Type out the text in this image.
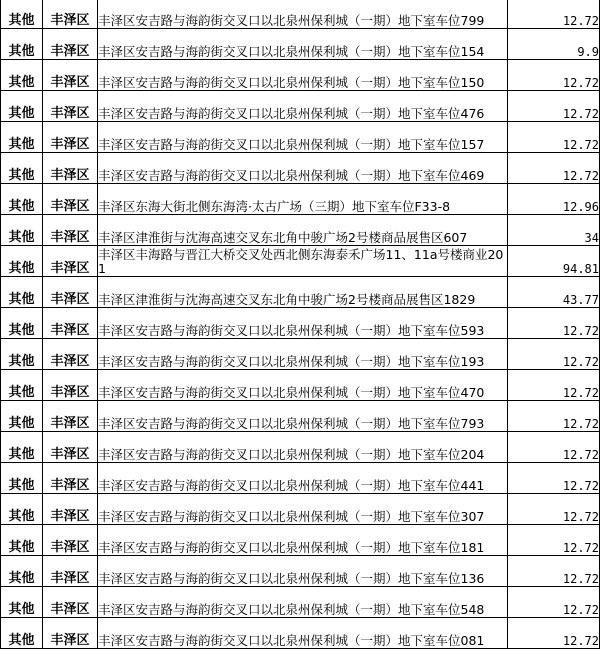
其他	丰泽区	丰泽区安吉路与海韵街交叉口以北泉州保利城（一期）地下室车位799	12.72
其他	丰泽区	丰泽区安吉路与海韵街交叉口以北泉州保利城（一期）地下室车位154	9.9
其他	丰泽区	丰泽区安吉路与海韵街交叉口以北泉州保利城（一期）地下室车位150	12.72
其他	丰泽区	丰泽区安吉路与海韵街交叉口以北泉州保利城（一期）地下室车位476	12.72
其他	丰泽区	丰泽区安吉路与海韵街交叉口以北泉州保利城（一期）地下室车位157	12.72
其他	丰泽区	丰泽区安吉路与海韵街交叉口以北泉州保利城（一期）地下室车位469	12.72
其他	丰泽区	丰泽区东海大街北侧东海湾·太古广场（三期）地下室车位F33-8	12.96
其他	丰泽区	丰泽区津淮街与沈海高速交叉东北角中骏广场2号楼商品展售区607	34
其他	丰泽区	丰泽区丰海路与晋江大桥交叉处西北侧东海泰禾广场11、11a号楼商业201	94.81
其他	丰泽区	丰泽区津淮街与沈海高速交叉东北角中骏广场2号楼商品展售区1829	43.77
其他	丰泽区	丰泽区安吉路与海韵街交叉口以北泉州保利城（一期）地下室车位593	12.72
其他	丰泽区	丰泽区安吉路与海韵街交叉口以北泉州保利城（一期）地下室车位193	12.72
其他	丰泽区	丰泽区安吉路与海韵街交叉口以北泉州保利城（一期）地下室车位470	12.72
其他	丰泽区	丰泽区安吉路与海韵街交叉口以北泉州保利城（一期）地下室车位793	12.72
其他	丰泽区	丰泽区安吉路与海韵街交叉口以北泉州保利城（一期）地下室车位204	12.72
其他	丰泽区	丰泽区安吉路与海韵街交叉口以北泉州保利城（一期）地下室车位441	12.72
其他	丰泽区	丰泽区安吉路与海韵街交叉口以北泉州保利城（一期）地下室车位307	12.72
其他	丰泽区	丰泽区安吉路与海韵街交叉口以北泉州保利城（一期）地下室车位181	12.72
其他	丰泽区	丰泽区安吉路与海韵街交叉口以北泉州保利城（一期）地下室车位136	12.72
其他	丰泽区	丰泽区安吉路与海韵街交叉口以北泉州保利城（一期）地下室车位548	12.72
其他	丰泽区	丰泽区安吉路与海韵街交叉口以北泉州保利城（一期）地下室车位081	12.72
